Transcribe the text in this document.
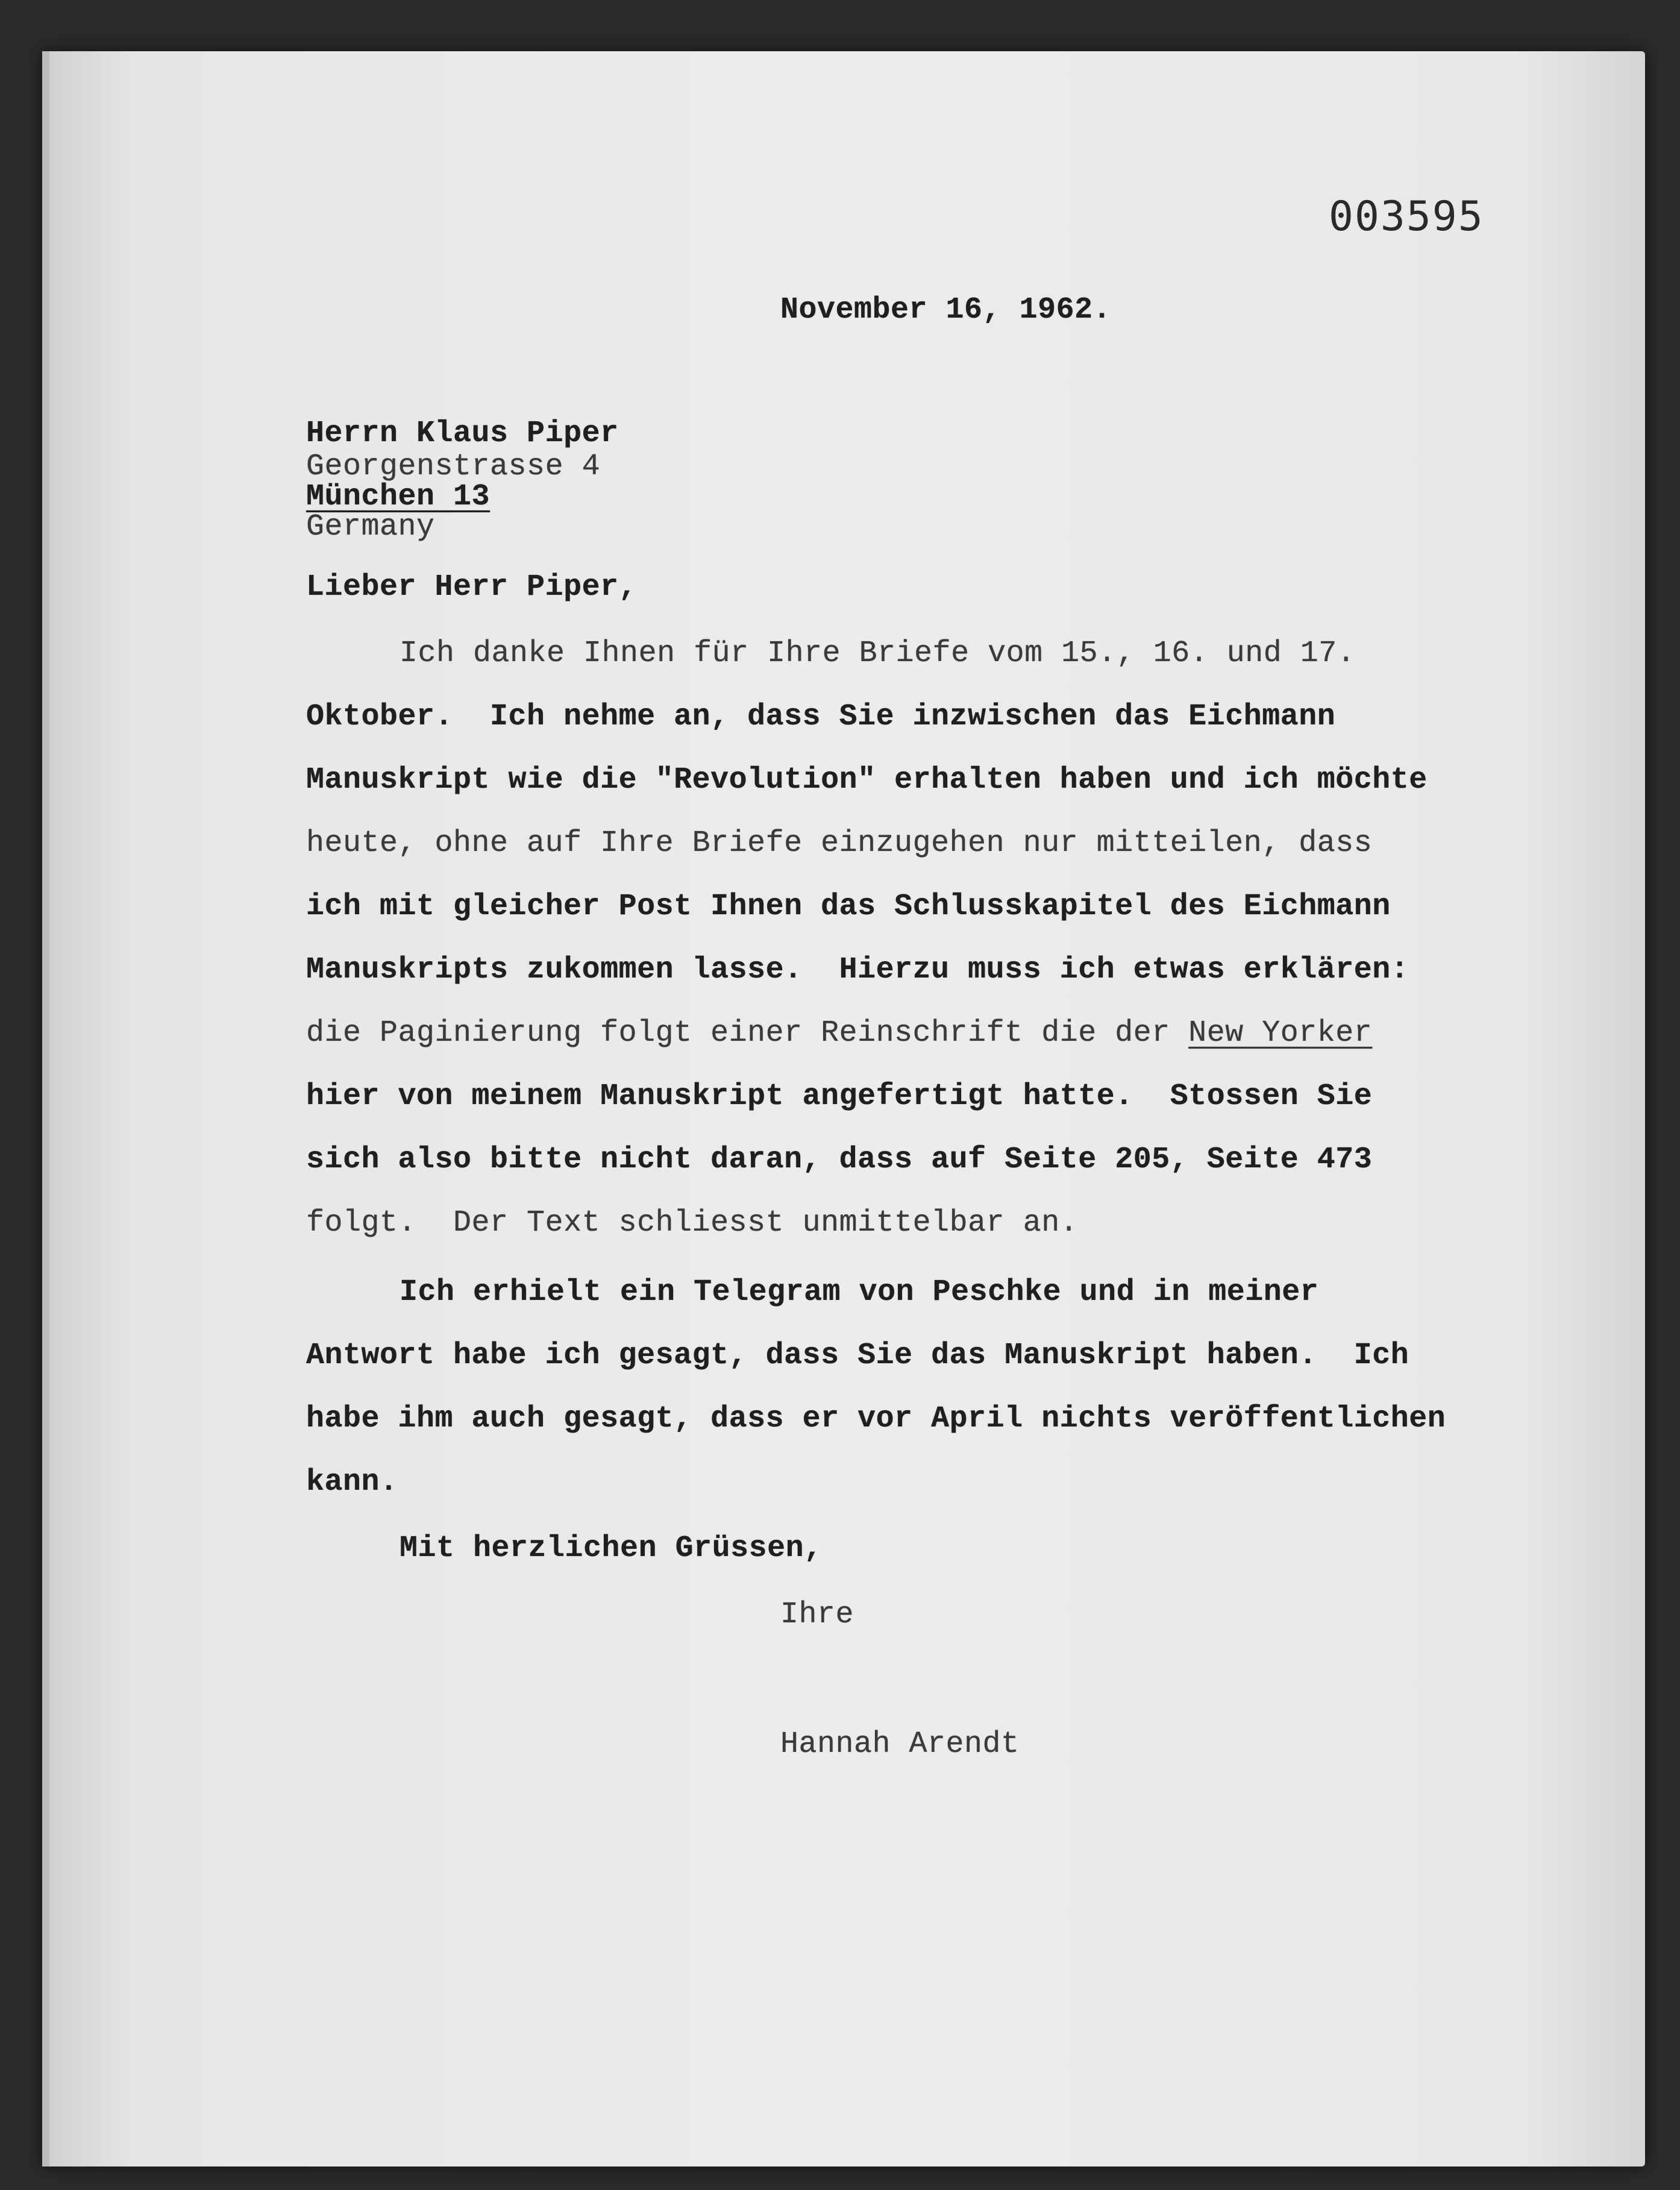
003595
November 16, 1962.
Herrn Klaus Piper
Georgenstrasse 4
München 13
Germany
Lieber Herr Piper,
Ich danke Ihnen für Ihre Briefe vom 15., 16. und 17.
Oktober.  Ich nehme an, dass Sie inzwischen das Eichmann
Manuskript wie die "Revolution" erhalten haben und ich möchte
heute, ohne auf Ihre Briefe einzugehen nur mitteilen, dass
ich mit gleicher Post Ihnen das Schlusskapitel des Eichmann
Manuskripts zukommen lasse.  Hierzu muss ich etwas erklären:
die Paginierung folgt einer Reinschrift die der New Yorker
hier von meinem Manuskript angefertigt hatte.  Stossen Sie
sich also bitte nicht daran, dass auf Seite 205, Seite 473
folgt.  Der Text schliesst unmittelbar an.
Ich erhielt ein Telegram von Peschke und in meiner
Antwort habe ich gesagt, dass Sie das Manuskript haben.  Ich
habe ihm auch gesagt, dass er vor April nichts veröffentlichen
kann.
Mit herzlichen Grüssen,
Ihre
Hannah Arendt
